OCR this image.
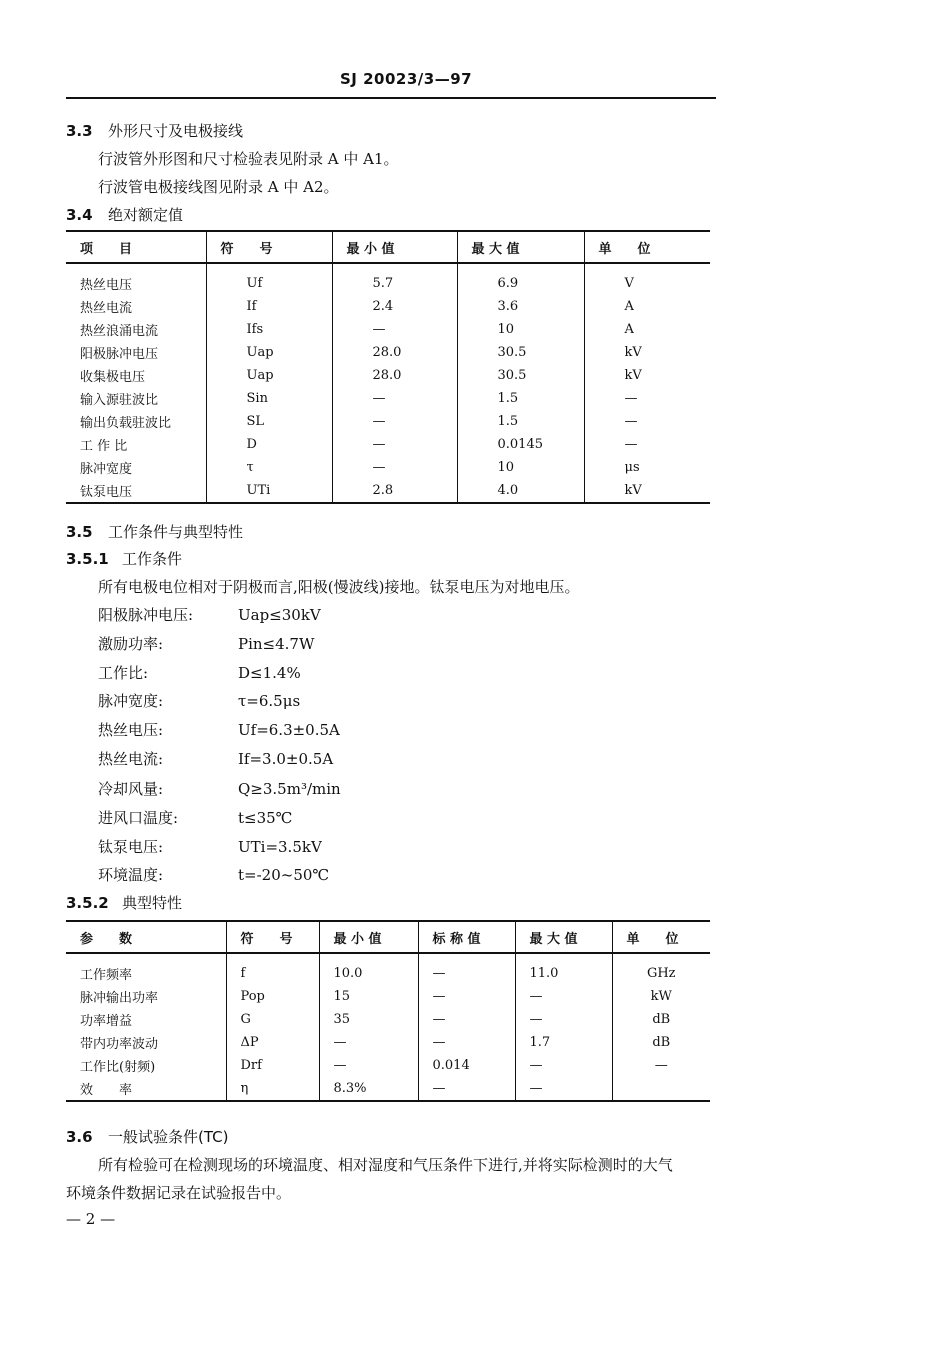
SJ 20023/3—97
3.3 外形尺寸及电极接线
行波管外形图和尺寸检验表见附录 A 中 A1。
行波管电极接线图见附录 A 中 A2。
3.4 绝对额定值
项　　目	符　　号	最 小 值	最 大 值	单　　位
热丝电压	Uf	5.7	6.9	V
热丝电流	If	2.4	3.6	A
热丝浪涌电流	Ifs	—	10	A
阳极脉冲电压	Uap	28.0	30.5	kV
收集极电压	Uap	28.0	30.5	kV
输入源驻波比	Sin	—	1.5	—
输出负载驻波比	SL	—	1.5	—
工 作 比	D	—	0.0145	—
脉冲宽度	τ	—	10	μs
钛泵电压	UTi	2.8	4.0	kV
3.5 工作条件与典型特性
3.5.1 工作条件
所有电极电位相对于阴极而言,阳极(慢波线)接地。钛泵电压为对地电压。
阳极脉冲电压:	Uap≤30kV
激励功率:	Pin≤4.7W
工作比:	D≤1.4%
脉冲宽度:	τ=6.5μs
热丝电压:	Uf=6.3±0.5A
热丝电流:	If=3.0±0.5A
冷却风量:	Q≥3.5m³/min
进风口温度:	t≤35℃
钛泵电压:	UTi=3.5kV
环境温度:	t=-20~50℃
3.5.2 典型特性
参　　数	符　　号	最 小 值	标 称 值	最 大 值	单　　位
工作频率	f	10.0	—	11.0	GHz
脉冲输出功率	Pop	15	—	—	kW
功率增益	G	35	—	—	dB
带内功率波动	ΔP	—	—	1.7	dB
工作比(射频)	Drf	—	0.014	—	—
效　　率	η	8.3%	—	—	
3.6 一般试验条件(TC)
所有检验可在检测现场的环境温度、相对湿度和气压条件下进行,并将实际检测时的大气
环境条件数据记录在试验报告中。
— 2 —
